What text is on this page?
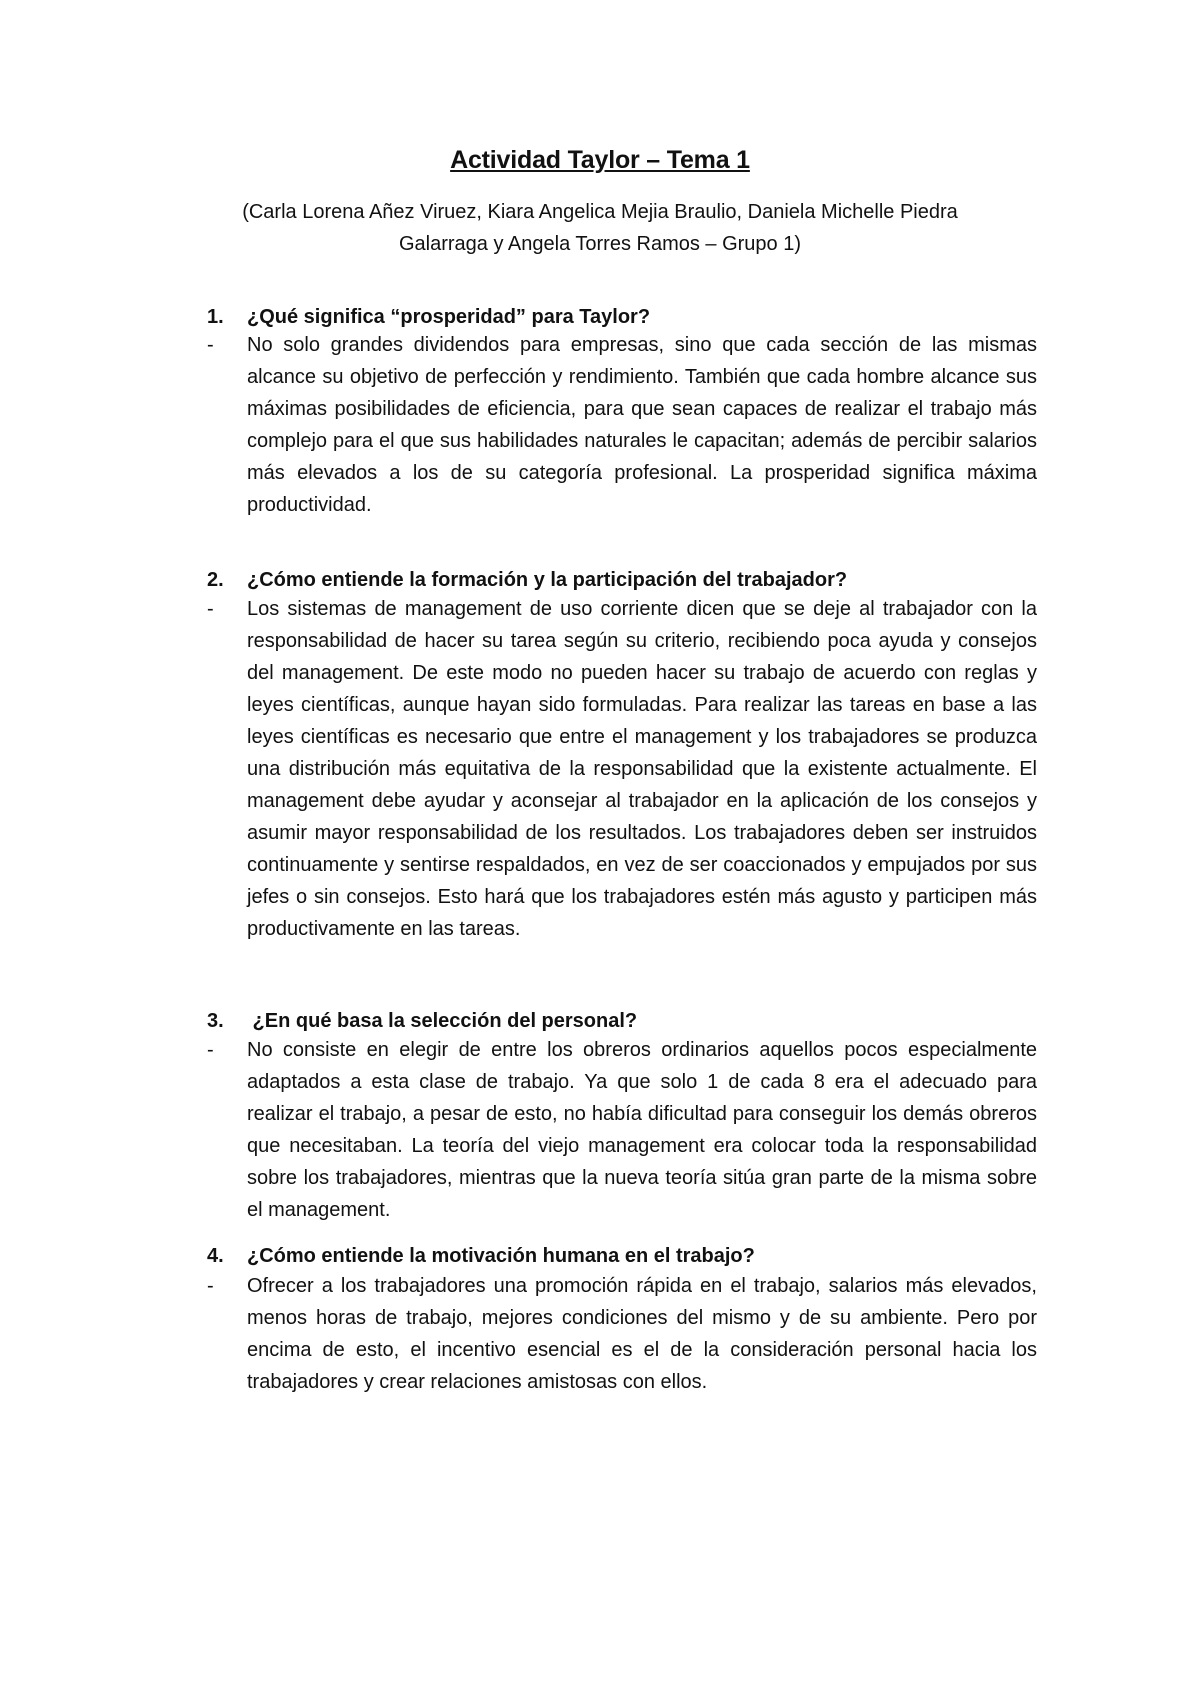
Actividad Taylor – Tema 1
(Carla Lorena Añez Viruez, Kiara Angelica Mejia Braulio, Daniela Michelle Piedra Galarraga y Angela Torres Ramos – Grupo 1)
1. ¿Qué significa “prosperidad” para Taylor?
- No solo grandes dividendos para empresas, sino que cada sección de las mismas alcance su objetivo de perfección y rendimiento. También que cada hombre alcance sus máximas posibilidades de eficiencia, para que sean capaces de realizar el trabajo más complejo para el que sus habilidades naturales le capacitan; además de percibir salarios más elevados a los de su categoría profesional. La prosperidad significa máxima productividad.
2. ¿Cómo entiende la formación y la participación del trabajador?
- Los sistemas de management de uso corriente dicen que se deje al trabajador con la responsabilidad de hacer su tarea según su criterio, recibiendo poca ayuda y consejos del management. De este modo no pueden hacer su trabajo de acuerdo con reglas y leyes científicas, aunque hayan sido formuladas. Para realizar las tareas en base a las leyes científicas es necesario que entre el management y los trabajadores se produzca una distribución más equitativa de la responsabilidad que la existente actualmente. El management debe ayudar y aconsejar al trabajador en la aplicación de los consejos y asumir mayor responsabilidad de los resultados. Los trabajadores deben ser instruidos continuamente y sentirse respaldados, en vez de ser coaccionados y empujados por sus jefes o sin consejos. Esto hará que los trabajadores estén más agusto y participen más productivamente en las tareas.
3. ¿En qué basa la selección del personal?
- No consiste en elegir de entre los obreros ordinarios aquellos pocos especialmente adaptados a esta clase de trabajo. Ya que solo 1 de cada 8 era el adecuado para realizar el trabajo, a pesar de esto, no había dificultad para conseguir los demás obreros que necesitaban. La teoría del viejo management era colocar toda la responsabilidad sobre los trabajadores, mientras que la nueva teoría sitúa gran parte de la misma sobre el management.
4. ¿Cómo entiende la motivación humana en el trabajo?
- Ofrecer a los trabajadores una promoción rápida en el trabajo, salarios más elevados, menos horas de trabajo, mejores condiciones del mismo y de su ambiente. Pero por encima de esto, el incentivo esencial es el de la consideración personal hacia los trabajadores y crear relaciones amistosas con ellos.
